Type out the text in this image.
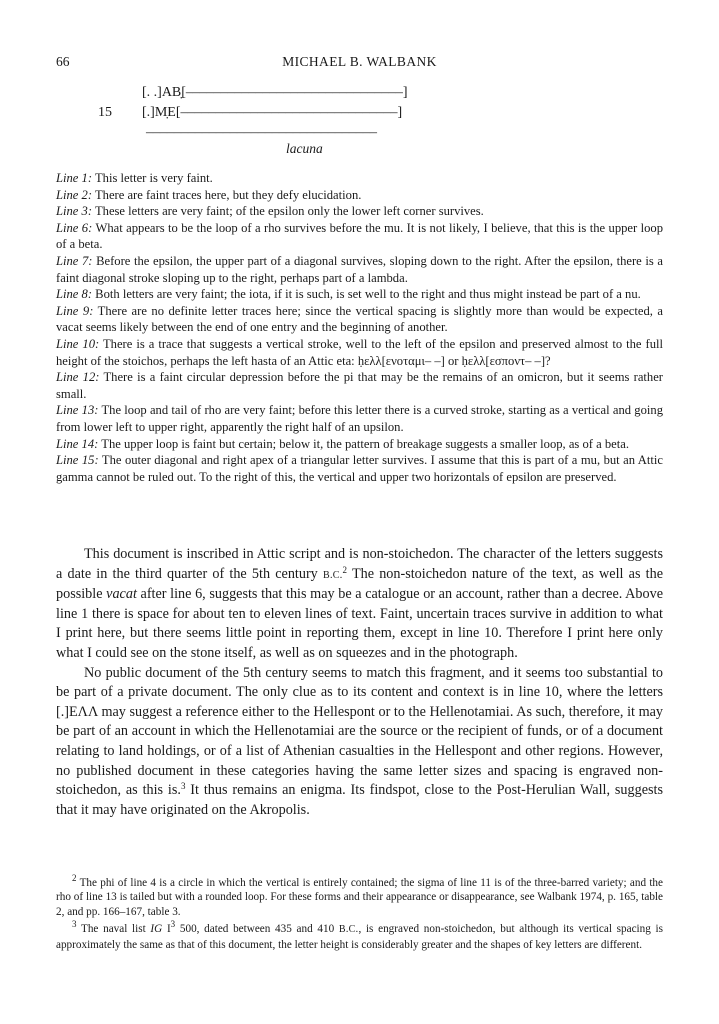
66	MICHAEL B. WALBANK
[. .]ΑΒ̣[–––––––––––––––––––––––––––––––]
15	[.]Μ̣Ε[–––––––––––––––––––––––––––––––]
–––––––––––––––––––––––––––––––––
lacuna

Line 1: This letter is very faint.

Line 2: There are faint traces here, but they defy elucidation.

Line 3: These letters are very faint; of the epsilon only the lower left corner survives.

Line 6: What appears to be the loop of a rho survives before the mu. It is not likely, I believe, that this is the upper loop of a beta.

Line 7: Before the epsilon, the upper part of a diagonal survives, sloping down to the right. After the epsilon, there is a faint diagonal stroke sloping up to the right, perhaps part of a lambda.

Line 8: Both letters are very faint; the iota, if it is such, is set well to the right and thus might instead be part of a nu.

Line 9: There are no definite letter traces here; since the vertical spacing is slightly more than would be expected, a vacat seems likely between the end of one entry and the beginning of another.

Line 10: There is a trace that suggests a vertical stroke, well to the left of the epsilon and preserved almost to the full height of the stoichos, perhaps the left hasta of an Attic eta: ḥελλ[ενοταμι– –] or ḥελλ[εσποντ– –]?

Line 12: There is a faint circular depression before the pi that may be the remains of an omicron, but it seems rather small.

Line 13: The loop and tail of rho are very faint; before this letter there is a curved stroke, starting as a vertical and going from lower left to upper right, apparently the right half of an upsilon.

Line 14: The upper loop is faint but certain; below it, the pattern of breakage suggests a smaller loop, as of a beta.

Line 15: The outer diagonal and right apex of a triangular letter survives. I assume that this is part of a mu, but an Attic gamma cannot be ruled out. To the right of this, the vertical and upper two horizontals of epsilon are preserved.

This document is inscribed in Attic script and is non-stoichedon. The character of the letters suggests a date in the third quarter of the 5th century B.C.$^2$ The non-stoichedon nature of the text, as well as the possible vacat after line 6, suggests that this may be a catalogue or an account, rather than a decree. Above line 1 there is space for about ten to eleven lines of text. Faint, uncertain traces survive in addition to what I print here, but there seems little point in reporting them, except in line 10. Therefore I print here only what I could see on the stone itself, as well as on squeezes and in the photograph.

No public document of the 5th century seems to match this fragment, and it seems too substantial to be part of a private document. The only clue as to its content and context is in line 10, where the letters [.]ΕΛΛ may suggest a reference either to the Hellespont or to the Hellenotamiai. As such, therefore, it may be part of an account in which the Hellenotamiai are the source or the recipient of funds, or of a document relating to land holdings, or of a list of Athenian casualties in the Hellespont and other regions. However, no published document in these categories having the same letter sizes and spacing is engraved non-stoichedon, as this is.$^3$ It thus remains an enigma. Its findspot, close to the Post-Herulian Wall, suggests that it may have originated on the Akropolis.

$^2$ The phi of line 4 is a circle in which the vertical is entirely contained; the sigma of line 11 is of the three-barred variety; and the rho of line 13 is tailed but with a rounded loop. For these forms and their appearance or disappearance, see Walbank 1974, p. 165, table 2, and pp. 166–167, table 3.

$^3$ The naval list IG $I^3$ 500, dated between 435 and 410 B.C., is engraved non-stoichedon, but although its vertical spacing is approximately the same as that of this document, the letter height is considerably greater and the shapes of key letters are different.
